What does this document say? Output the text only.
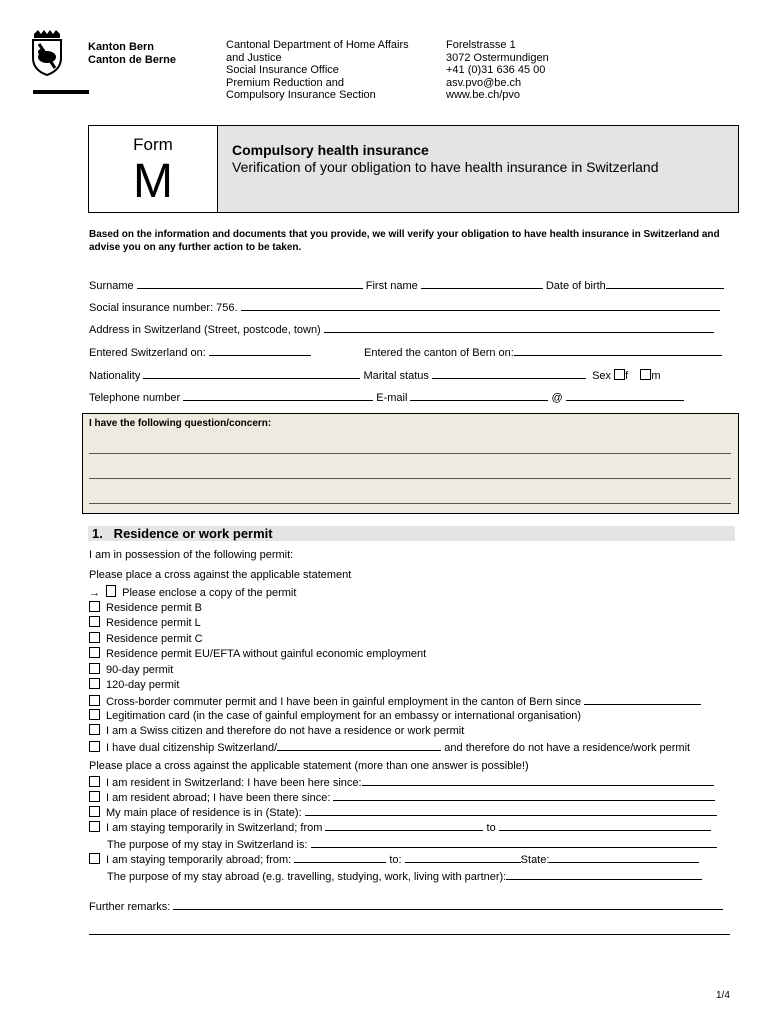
Kanton Bern
Canton de Berne
Cantonal Department of Home Affairs
and Justice
Social Insurance Office
Premium Reduction and
Compulsory Insurance Section
Forelstrasse 1
3072 Ostermundigen
+41 (0)31 636 45 00
asv.pvo@be.ch
www.be.ch/pvo
Form
M
Compulsory health insurance
Verification of your obligation to have health insurance in Switzerland
Based on the information and documents that you provide, we will verify your obligation to have health insurance in Switzerland and advise you on any further action to be taken.
Surname	First name	Date of birth
Social insurance number: 756.
Address in Switzerland (Street, postcode, town)
Entered Switzerland on:	Entered the canton of Bern on:
Nationality	Marital status	Sex f m
Telephone number	E-mail	@
I have the following question/concern:
1.   Residence or work permit
I am in possession of the following permit:
Please place a cross against the applicable statement
→ Please enclose a copy of the permit
Residence permit B
Residence permit L
Residence permit C
Residence permit EU/EFTA without gainful economic employment
90-day permit
120-day permit
Cross-border commuter permit and I have been in gainful employment in the canton of Bern since
Legitimation card (in the case of gainful employment for an embassy or international organisation)
I am a Swiss citizen and therefore do not have a residence or work permit
I have dual citizenship Switzerland/	and therefore do not have a residence/work permit
Please place a cross against the applicable statement (more than one answer is possible!)
I am resident in Switzerland: I have been here since:
I am resident abroad; I have been there since:
My main place of residence is in (State):
I am staying temporarily in Switzerland; from	to
The purpose of my stay in Switzerland is:
I am staying temporarily abroad; from:	to:	State:
The purpose of my stay abroad (e.g. travelling, studying, work, living with partner):
Further remarks:
1/4
